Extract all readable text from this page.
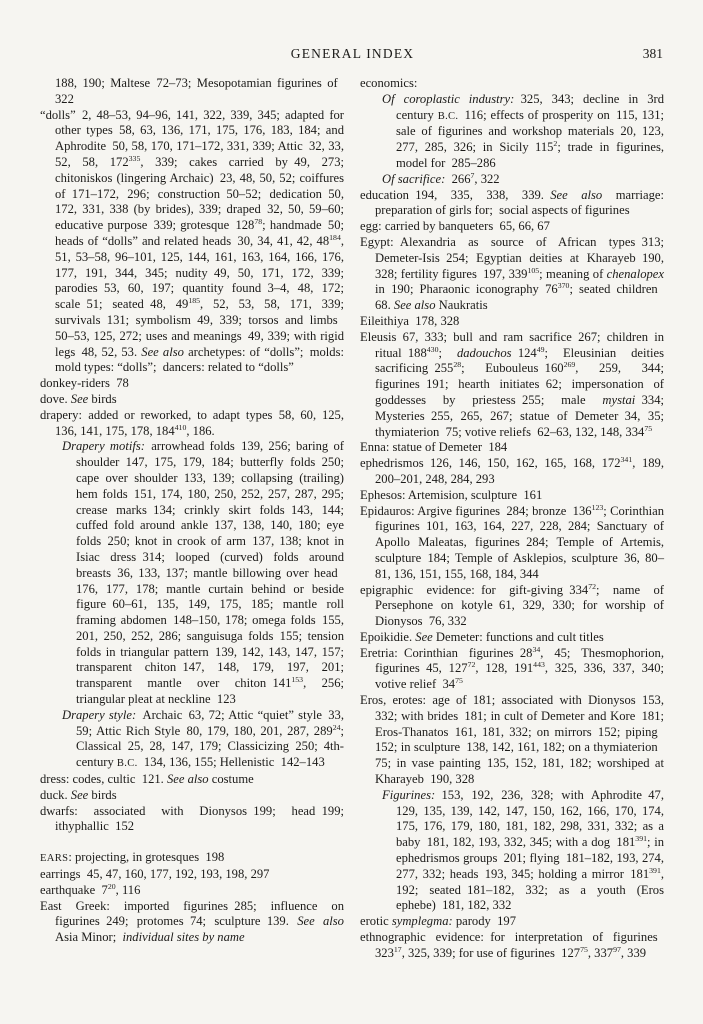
GENERAL INDEX	381

188, 190; Maltese 72–73; Mesopotamian figurines of 322

“dolls” 2, 48–53, 94–96, 141, 322, 339, 345; adapted for other types 58, 63, 136, 171, 175, 176, 183, 184; and Aphrodite 50, 58, 170, 171–172, 331, 339; Attic 32, 33, 52, 58, $172^{335}$, 339; cakes carried by 49, 273; chitoniskos (lingering Archaic) 23, 48, 50, 52; coiffures of 171–172, 296; construction 50–52; dedication 50, 172, 331, 338 (by brides), 339; draped 32, 50, 59–60; educative purpose 339; grotesque $128^{78}$; handmade 50; heads of “dolls” and related heads 30, 34, 41, 42, $48^{184}$, 51, 53–58, 96–101, 125, 144, 161, 163, 164, 166, 176, 177, 191, 344, 345; nudity 49, 50, 171, 172, 339; parodies 53, 60, 197; quantity found 3–4, 48, 172; scale 51; seated 48, $49^{185}$, 52, 53, 58, 171, 339; survivals 131; symbolism 49, 339; torsos and limbs 50–53, 125, 272; uses and meanings 49, 339; with rigid legs 48, 52, 53. See also archetypes: of “dolls”; molds: mold types: “dolls”; dancers: related to “dolls”

donkey-riders 78

dove. See birds

drapery: added or reworked, to adapt types 58, 60, 125, 136, 141, 175, 178, $184^{410}$, 186.

Drapery motifs: arrowhead folds 139, 256; baring of shoulder 147, 175, 179, 184; butterfly folds 250; cape over shoulder 133, 139; collapsing (trailing) hem folds 151, 174, 180, 250, 252, 257, 287, 295; crease marks 134; crinkly skirt folds 143, 144; cuffed fold around ankle 137, 138, 140, 180; eye folds 250; knot in crook of arm 137, 138; knot in Isiac dress 314; looped (curved) folds around breasts 36, 133, 137; mantle billowing over head 176, 177, 178; mantle curtain behind or beside figure 60–61, 135, 149, 175, 185; mantle roll framing abdomen 148–150, 178; omega folds 155, 201, 250, 252, 286; sanguisuga folds 155; tension folds in triangular pattern 139, 142, 143, 147, 157; transparent chiton 147, 148, 179, 197, 201; transparent mantle over chiton $141^{153}$, 256; triangular pleat at neckline 123

Drapery style: Archaic 63, 72; Attic “quiet” style 33, 59; Attic Rich Style 80, 179, 180, 201, 287, $289^{24}$; Classical 25, 28, 147, 179; Classicizing 250; 4th-century B.C. 134, 136, 155; Hellenistic 142–143

dress: codes, cultic 121. See also costume

duck. See birds

dwarfs: associated with Dionysos 199; head 199; ithyphallic 152

EARS: projecting, in grotesques 198

earrings 45, 47, 160, 177, 192, 193, 198, 297

earthquake $7^{20}$, 116

East Greek: imported figurines 285; influence on figurines 249; protomes 74; sculpture 139. See also Asia Minor; individual sites by name

economics:

Of coroplastic industry: 325, 343; decline in 3rd century B.C. 116; effects of prosperity on 115, 131; sale of figurines and workshop materials 20, 123, 277, 285, 326; in Sicily $115^2$; trade in figurines, model for 285–286

Of sacrifice: $266^7$, 322

education 194, 335, 338, 339. See also marriage: preparation of girls for; social aspects of figurines

egg: carried by banqueters 65, 66, 67

Egypt: Alexandria as source of African types 313; Demeter-Isis 254; Egyptian deities at Kharayeb 190, 328; fertility figures 197, $339^{105}$; meaning of chenalopex in 190; Pharaonic iconography $76^{370}$; seated children 68. See also Naukratis

Eileithiya 178, 328

Eleusis 67, 333; bull and ram sacrifice 267; children in ritual $188^{430}$; dadouchos $124^{49}$; Eleusinian deities sacrificing $255^{28}$; Eubouleus $160^{269}$, 259, 344; figurines 191; hearth initiates 62; impersonation of goddesses by priestess 255; male mystai 334; Mysteries 255, 265, 267; statue of Demeter 34, 35; thymiaterion 75; votive reliefs 62–63, 132, 148, $334^{75}$

Enna: statue of Demeter 184

ephedrismos 126, 146, 150, 162, 165, 168, $172^{341}$, 189, 200–201, 248, 284, 293

Ephesos: Artemision, sculpture 161

Epidauros: Argive figurines 284; bronze $136^{123}$; Corinthian figurines 101, 163, 164, 227, 228, 284; Sanctuary of Apollo Maleatas, figurines 284; Temple of Artemis, sculpture 184; Temple of Asklepios, sculpture 36, 80–81, 136, 151, 155, 168, 184, 344

epigraphic evidence: for gift-giving $334^{72}$; name of Persephone on kotyle 61, 329, 330; for worship of Dionysos 76, 332

Epoikidie. See Demeter: functions and cult titles

Eretria: Corinthian figurines $28^{34}$, 45; Thesmophorion, figurines 45, $127^{72}$, 128, $191^{443}$, 325, 336, 337, 340; votive relief $34^{75}$

Eros, erotes: age of 181; associated with Dionysos 153, 332; with brides 181; in cult of Demeter and Kore 181; Eros-Thanatos 161, 181, 332; on mirrors 152; piping 152; in sculpture 138, 142, 161, 182; on a thymiaterion 75; in vase painting 135, 152, 181, 182; worshiped at Kharayeb 190, 328

Figurines: 153, 192, 236, 328; with Aphrodite 47, 129, 135, 139, 142, 147, 150, 162, 166, 170, 174, 175, 176, 179, 180, 181, 182, 298, 331, 332; as a baby 181, 182, 193, 332, 345; with a dog $181^{391}$; in ephedrismos groups 201; flying 181–182, 193, 274, 277, 332; heads 193, 345; holding a mirror $181^{391}$, 192; seated 181–182, 332; as a youth (Eros ephebe) 181, 182, 332

erotic symplegma: parody 197

ethnographic evidence: for interpretation of figurines $323^{17}$, 325, 339; for use of figurines $127^{75}$, $337^{97}$, 339
